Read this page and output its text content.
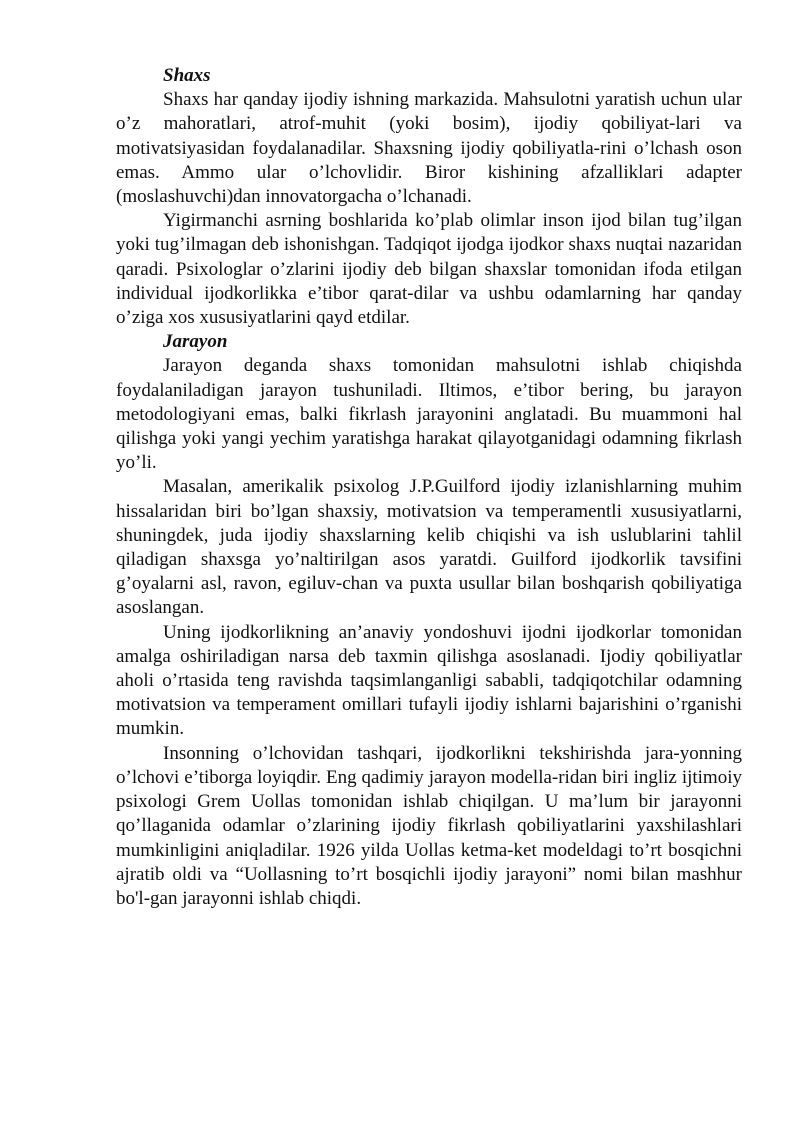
Shaxs

Shaxs har qanday ijodiy ishning markazida. Mahsulotni yaratish uchun ular o’z mahoratlari, atrof-muhit (yoki bosim), ijodiy qobiliyat-lari va motivatsiyasidan foydalanadilar. Shaxsning ijodiy qobiliyatla-rini o’lchash oson emas. Ammo ular o’lchovlidir. Biror kishining afzalliklari adapter (moslashuvchi)dan innovatorgacha o’lchanadi.

Yigirmanchi asrning boshlarida ko’plab olimlar inson ijod bilan tug’ilgan yoki tug’ilmagan deb ishonishgan. Tadqiqot ijodga ijodkor shaxs nuqtai nazaridan qaradi. Psixologlar o’zlarini ijodiy deb bilgan shaxslar tomonidan ifoda etilgan individual ijodkorlikka e’tibor qarat-dilar va ushbu odamlarning har qanday o’ziga xos xususiyatlarini qayd etdilar.

Jarayon

Jarayon deganda shaxs tomonidan mahsulotni ishlab chiqishda foydalaniladigan jarayon tushuniladi. Iltimos, e’tibor bering, bu jarayon metodologiyani emas, balki fikrlash jarayonini anglatadi. Bu muammoni hal qilishga yoki yangi yechim yaratishga harakat qilayotganidagi odamning fikrlash yo’li.

Masalan, amerikalik psixolog J.P.Guilford ijodiy izlanishlarning muhim hissalaridan biri bo’lgan shaxsiy, motivatsion va temperamentli xususiyatlarni, shuningdek, juda ijodiy shaxslarning kelib chiqishi va ish uslublarini tahlil qiladigan shaxsga yo’naltirilgan asos yaratdi. Guilford ijodkorlik tavsifini g’oyalarni asl, ravon, egiluv-chan va puxta usullar bilan boshqarish qobiliyatiga asoslangan.

Uning ijodkorlikning an’anaviy yondoshuvi ijodni ijodkorlar tomonidan amalga oshiriladigan narsa deb taxmin qilishga asoslanadi. Ijodiy qobiliyatlar aholi o’rtasida teng ravishda taqsimlanganligi sababli, tadqiqotchilar odamning motivatsion va temperament omillari tufayli ijodiy ishlarni bajarishini o’rganishi mumkin.

Insonning o’lchovidan tashqari, ijodkorlikni tekshirishda jara-yonning o’lchovi e’tiborga loyiqdir. Eng qadimiy jarayon modella-ridan biri ingliz ijtimoiy psixologi Grem Uollas tomonidan ishlab chiqilgan. U ma’lum bir jarayonni qo’llaganida odamlar o’zlarining ijodiy fikrlash qobiliyatlarini yaxshilashlari mumkinligini aniqladilar. 1926 yilda Uollas ketma-ket modeldagi to’rt bosqichni ajratib oldi va “Uollasning to’rt bosqichli ijodiy jarayoni” nomi bilan mashhur bo'l-gan jarayonni ishlab chiqdi.
